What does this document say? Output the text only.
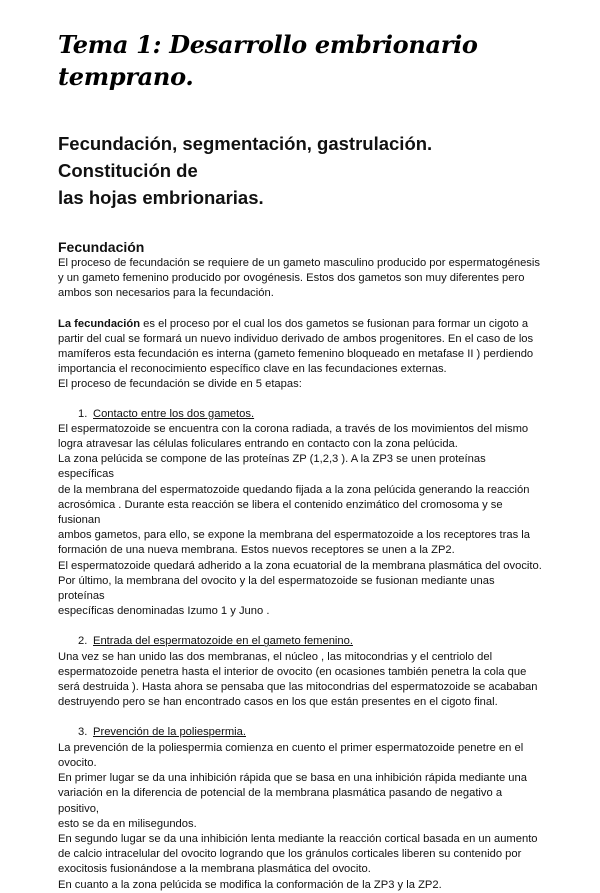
Tema 1: Desarrollo embrionario temprano.
Fecundación, segmentación, gastrulación. Constitución de
las hojas embrionarias.
Fecundación

El proceso de fecundación se requiere de un gameto masculino producido por espermatogénesis

y un gameto femenino producido por ovogénesis. Estos dos gametos son muy diferentes pero

ambos son necesarios para la fecundación.

La fecundación es el proceso por el cual los dos gametos se fusionan para formar un cigoto a

partir del cual se formará un nuevo individuo derivado de ambos progenitores. En el caso de los

mamíferos esta fecundación es interna (gameto femenino bloqueado en metafase II ) perdiendo

importancia el reconocimiento específico clave en las fecundaciones externas.

El proceso de fecundación se divide en 5 etapas:

1. Contacto entre los dos gametos.

El espermatozoide se encuentra con la corona radiada, a través de los movimientos del mismo

logra atravesar las células foliculares entrando en contacto con la zona pelúcida.

La zona pelúcida se compone de las proteínas ZP (1,2,3 ). A la ZP3 se unen proteínas específicas

de la membrana del espermatozoide quedando fijada a la zona pelúcida generando la reacción

acrosómica . Durante esta reacción se libera el contenido enzimático del cromosoma y se fusionan

ambos gametos, para ello, se expone la membrana del espermatozoide a los receptores tras la

formación de una nueva membrana. Estos nuevos receptores se unen a la ZP2.

El espermatozoide quedará adherido a la zona ecuatorial de la membrana plasmática del ovocito.

Por último, la membrana del ovocito y la del espermatozoide se fusionan mediante unas proteínas

específicas denominadas Izumo 1 y Juno .

2. Entrada del espermatozoide en el gameto femenino.

Una vez se han unido las dos membranas, el núcleo , las mitocondrias y el centriolo del

espermatozoide penetra hasta el interior de ovocito (en ocasiones también penetra la cola que

será destruida ). Hasta ahora se pensaba que las mitocondrias del espermatozoide se acababan

destruyendo pero se han encontrado casos en los que están presentes en el cigoto final.

3. Prevención de la poliespermia.

La prevención de la poliespermia comienza en cuento el primer espermatozoide penetre en el

ovocito.

En primer lugar se da una inhibición rápida que se basa en una inhibición rápida mediante una

variación en la diferencia de potencial de la membrana plasmática pasando de negativo a positivo,

esto se da en milisegundos.

En segundo lugar se da una inhibición lenta mediante la reacción cortical basada en un aumento

de calcio intracelular del ovocito logrando que los gránulos corticales liberen su contenido por

exocitosis fusionándose a la membrana plasmática del ovocito.

En cuanto a la zona pelúcida se modifica la conformación de la ZP3 y la ZP2.
